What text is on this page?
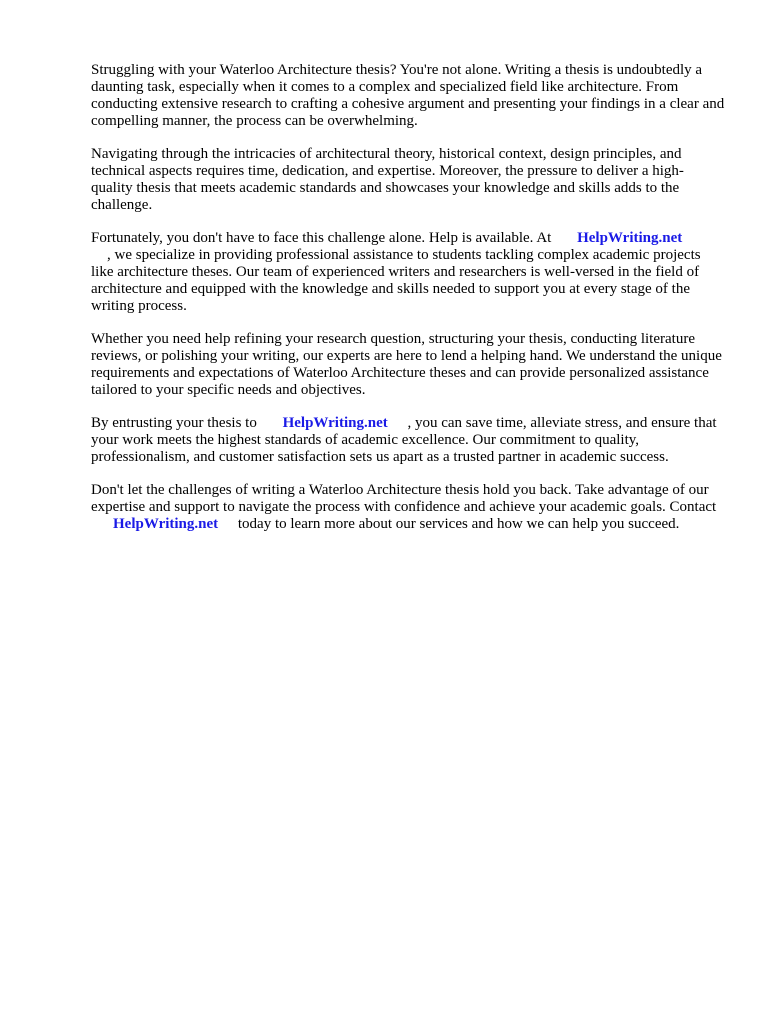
Struggling with your Waterloo Architecture thesis? You're not alone. Writing a thesis is undoubtedly a daunting task, especially when it comes to a complex and specialized field like architecture. From conducting extensive research to crafting a cohesive argument and presenting your findings in a clear and compelling manner, the process can be overwhelming.

Navigating through the intricacies of architectural theory, historical context, design principles, and technical aspects requires time, dedication, and expertise. Moreover, the pressure to deliver a high-quality thesis that meets academic standards and showcases your knowledge and skills adds to the challenge.

Fortunately, you don't have to face this challenge alone. Help is available. At HelpWriting.net
, we specialize in providing professional assistance to students tackling complex academic projects like architecture theses. Our team of experienced writers and researchers is well-versed in the field of architecture and equipped with the knowledge and skills needed to support you at every stage of the writing process.

Whether you need help refining your research question, structuring your thesis, conducting literature reviews, or polishing your writing, our experts are here to lend a helping hand. We understand the unique requirements and expectations of Waterloo Architecture theses and can provide personalized assistance tailored to your specific needs and objectives.

By entrusting your thesis to HelpWriting.net , you can save time, alleviate stress, and ensure that your work meets the highest standards of academic excellence. Our commitment to quality, professionalism, and customer satisfaction sets us apart as a trusted partner in academic success.

Don't let the challenges of writing a Waterloo Architecture thesis hold you back. Take advantage of our expertise and support to navigate the process with confidence and achieve your academic goals. Contact HelpWriting.net today to learn more about our services and how we can help you succeed.
